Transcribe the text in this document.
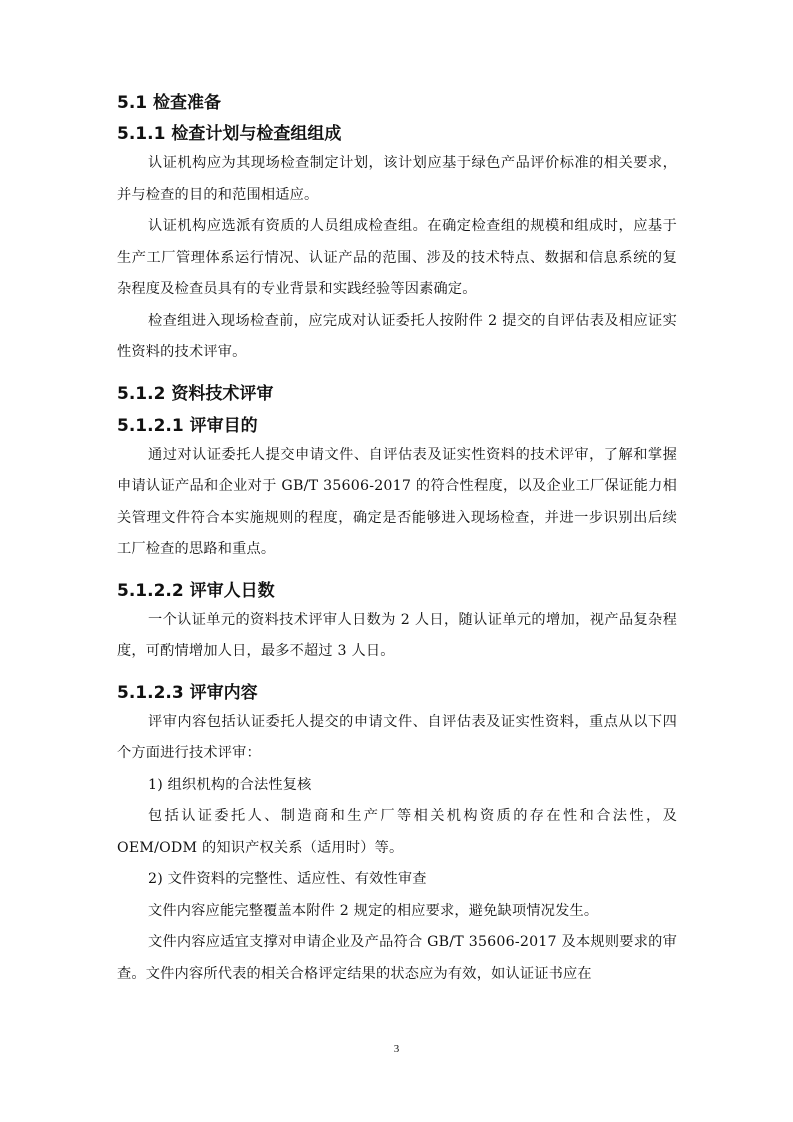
5.1 检查准备
5.1.1 检查计划与检查组组成

认证机构应为其现场检查制定计划，该计划应基于绿色产品评价标准的相关要求，并与检查的目的和范围相适应。

认证机构应选派有资质的人员组成检查组。在确定检查组的规模和组成时，应基于生产工厂管理体系运行情况、认证产品的范围、涉及的技术特点、数据和信息系统的复杂程度及检查员具有的专业背景和实践经验等因素确定。

检查组进入现场检查前，应完成对认证委托人按附件 2 提交的自评估表及相应证实性资料的技术评审。

5.1.2 资料技术评审
5.1.2.1 评审目的

通过对认证委托人提交申请文件、自评估表及证实性资料的技术评审，了解和掌握申请认证产品和企业对于 GB/T 35606-2017 的符合性程度，以及企业工厂保证能力相关管理文件符合本实施规则的程度，确定是否能够进入现场检查，并进一步识别出后续工厂检查的思路和重点。

5.1.2.2 评审人日数

一个认证单元的资料技术评审人日数为 2 人日，随认证单元的增加，视产品复杂程度，可酌情增加人日，最多不超过 3 人日。

5.1.2.3 评审内容

评审内容包括认证委托人提交的申请文件、自评估表及证实性资料，重点从以下四个方面进行技术评审：

1) 组织机构的合法性复核

包括认证委托人、制造商和生产厂等相关机构资质的存在性和合法性，及OEM/ODM 的知识产权关系（适用时）等。

2) 文件资料的完整性、适应性、有效性审查

文件内容应能完整覆盖本附件 2 规定的相应要求，避免缺项情况发生。

文件内容应适宜支撑对申请企业及产品符合 GB/T 35606-2017 及本规则要求的审查。文件内容所代表的相关合格评定结果的状态应为有效，如认证证书应在

3
